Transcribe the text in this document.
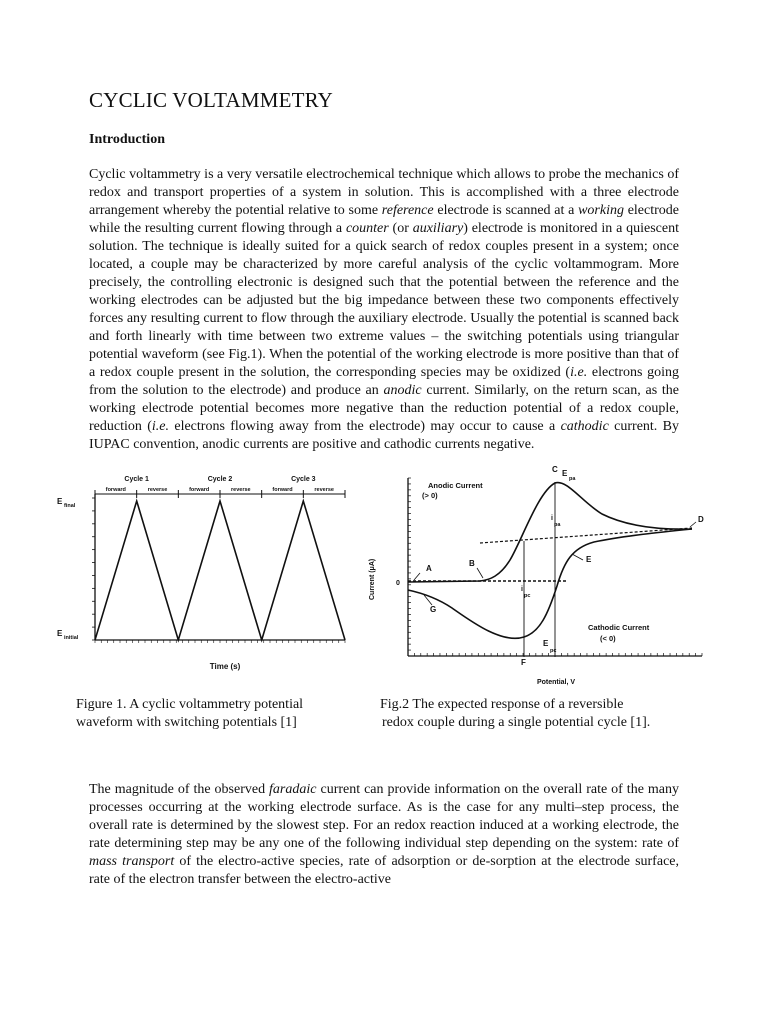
CYCLIC VOLTAMMETRY
Introduction

Cyclic voltammetry is a very versatile electrochemical technique which allows to probe the mechanics of redox and transport properties of a system in solution. This is accomplished with a three electrode arrangement whereby the potential relative to some reference electrode is scanned at a working electrode while the resulting current flowing through a counter (or auxiliary) electrode is monitored in a quiescent solution. The technique is ideally suited for a quick search of redox couples present in a system; once located, a couple may be characterized by more careful analysis of the cyclic voltammogram. More precisely, the controlling electronic is designed such that the potential between the reference and the working electrodes can be adjusted but the big impedance between these two components effectively forces any resulting current to flow through the auxiliary electrode. Usually the potential is scanned back and forth linearly with time between two extreme values – the switching potentials using triangular potential waveform (see Fig.1). When the potential of the working electrode is more positive than that of a redox couple present in the solution, the corresponding species may be oxidized (i.e. electrons going from the solution to the electrode) and produce an anodic current. Similarly, on the return scan, as the working electrode potential becomes more negative than the reduction potential of a redox couple, reduction (i.e. electrons flowing away from the electrode) may occur to cause a cathodic current. By IUPAC convention, anodic currents are positive and cathodic currents negative.

Cycle 1	Cycle 2	Cycle 3
forward	reverse	forward	reverse	forward	reverse
E final
E initial
Time (s)
Current (μA)
Potential, V
0
Anodic Current
(> 0)
Cathodic Current
(< 0)
A
B
C
D
E
F
G
E
pa
E
pc
i
pa
i
pc
Figure 1. A cyclic voltammetry potential waveform with switching potentials [1]
Fig.2 The expected response of a reversible
redox couple during a single potential cycle [1].

The magnitude of the observed faradaic current can provide information on the overall rate of the many processes occurring at the working electrode surface. As is the case for any multi–step process, the overall rate is determined by the slowest step. For an redox reaction induced at a working electrode, the rate determining step may be any one of the following individual step depending on the system: rate of mass transport of the electro-active species, rate of adsorption or de-sorption at the electrode surface, rate of the electron transfer between the electro-active
